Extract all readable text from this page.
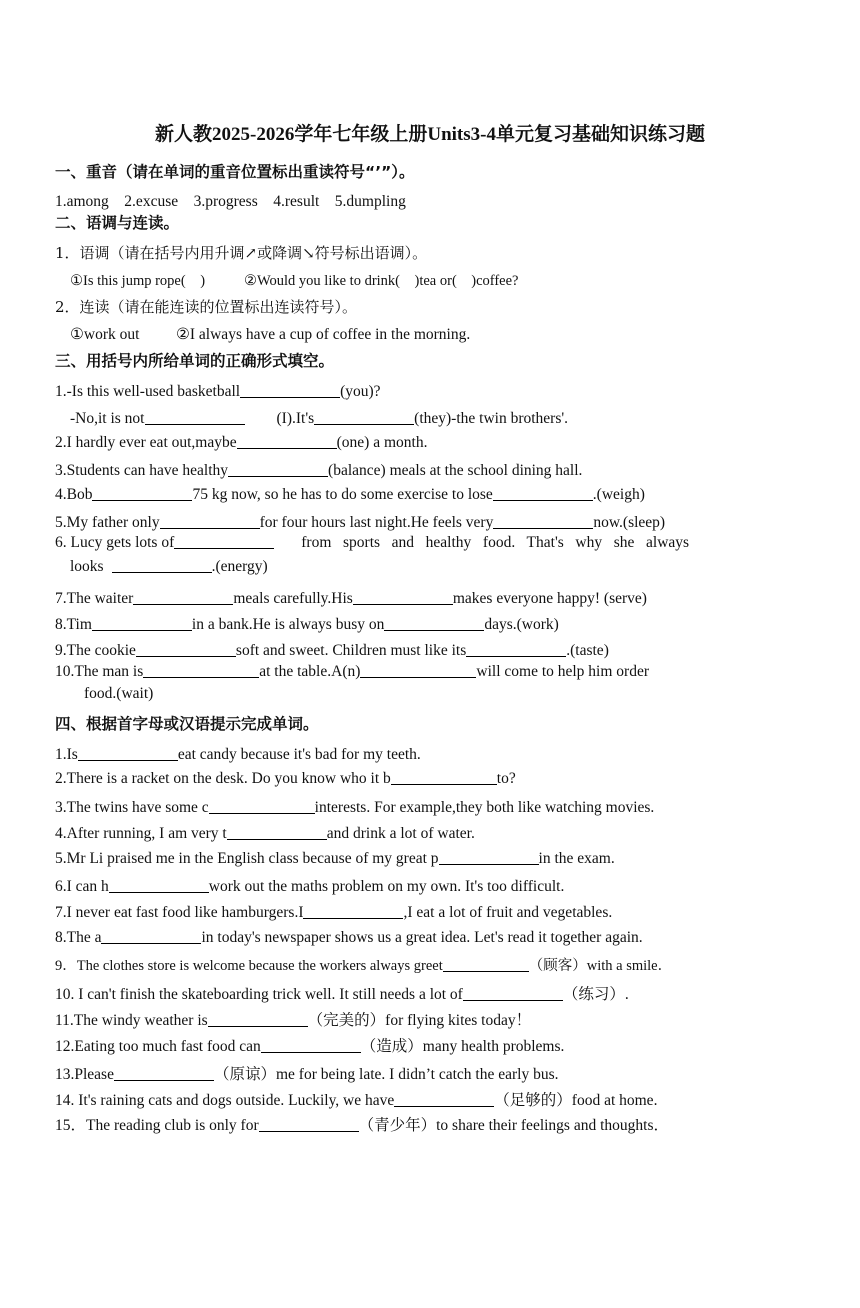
新人教2025-2026学年七年级上册Units3-4单元复习基础知识练习题
一、重音（请在单词的重音位置标出重读符号“’”）。
1.among    2.excuse    3.progress    4.result    5.dumpling
二、语调与连读。
1．语调（请在括号内用升调↗或降调↘符号标出语调）。
①Is this jump rope(    )	②Would you like to drink(    )tea or(    )coffee?
2．连读（请在能连读的位置标出连读符号）。
①work out ②I always have a cup of coffee in the morning.
三、用括号内所给单词的正确形式填空。
1.-Is this well-used basketball	(you)?
-No,it is not	(I).It's	(they)-the twin brothers'.
2.I hardly ever eat out,maybe	(one) a month.
3.Students can have healthy	(balance) meals at the school dining hall.
4.Bob	75 kg now, so he has to do some exercise to lose	.(weigh)
5.My father only	for four hours last night.He feels very	now.(sleep)
6. Lucy gets lots of	from   sports   and   healthy   food.   That's   why   she   always
looks	.(energy)
7.The waiter	meals carefully.His	makes everyone happy! (serve)
8.Tim	in a bank.He is always busy on	days.(work)
9.The cookie	soft and sweet. Children must like its	.(taste)
10.The man is	at the table.A(n)	will come to help him order
food.(wait)
四、根据首字母或汉语提示完成单词。
1.Is	eat candy because it's bad for my teeth.
2.There is a racket on the desk. Do you know who it b	to?
3.The twins have some c	interests. For example,they both like watching movies.
4.After running, I am very t	and drink a lot of water.
5.Mr Li praised me in the English class because of my great p	in the exam.
6.I can h	work out the maths problem on my own. It's too difficult.
7.I never eat fast food like hamburgers.I	,I eat a lot of fruit and vegetables.
8.The a	in today's newspaper shows us a great idea. Let's read it together again.
9．The clothes store is welcome because the workers always greet	（顾客）with a smile．
10. I can't finish the skateboarding trick well. It still needs a lot of	（练习）.
11.The windy weather is	（完美的）for flying kites today！
12.Eating too much fast food can	（造成）many health problems.
13.Please	（原谅）me for being late. I didn’t catch the early bus.
14. It's raining cats and dogs outside. Luckily, we have	（足够的）food at home.
15．The reading club is only for	（青少年）to share their feelings and thoughts．
